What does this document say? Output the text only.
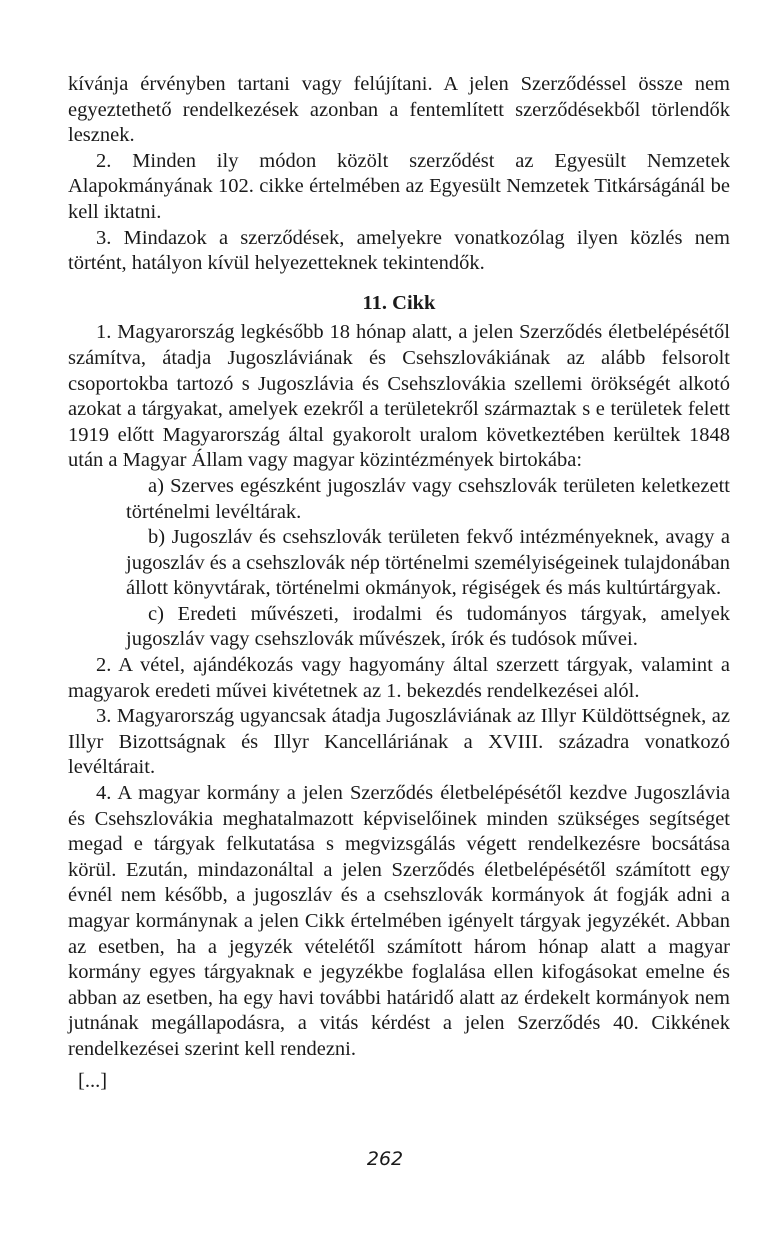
kívánja érvényben tartani vagy felújítani. A jelen Szerződéssel össze nem egyeztethető rendelkezések azonban a fentemlített szerződésekből törlendők lesznek.

2. Minden ily módon közölt szerződést az Egyesült Nemzetek Alapokmányának 102. cikke értelmében az Egyesült Nemzetek Titkárságánál be kell iktatni.

3. Mindazok a szerződések, amelyekre vonatkozólag ilyen közlés nem történt, hatályon kívül helyezetteknek tekintendők.

11. Cikk

1. Magyarország legkésőbb 18 hónap alatt, a jelen Szerződés életbelépésétől számítva, átadja Jugoszláviának és Csehszlovákiának az alább felsorolt csoportokba tartozó s Jugoszlávia és Csehszlovákia szellemi örökségét alkotó azokat a tárgyakat, amelyek ezekről a területekről származtak s e területek felett 1919 előtt Magyarország által gyakorolt uralom következtében kerültek 1848 után a Magyar Állam vagy magyar közintézmények birtokába:

a) Szerves egészként jugoszláv vagy csehszlovák területen keletkezett történelmi levéltárak.

b) Jugoszláv és csehszlovák területen fekvő intézményeknek, avagy a jugoszláv és a csehszlovák nép történelmi személyiségeinek tulajdonában állott könyvtárak, történelmi okmányok, régiségek és más kultúrtárgyak.

c) Eredeti művészeti, irodalmi és tudományos tárgyak, amelyek jugoszláv vagy csehszlovák művészek, írók és tudósok művei.

2. A vétel, ajándékozás vagy hagyomány által szerzett tárgyak, valamint a magyarok eredeti művei kivétetnek az 1. bekezdés rendelkezései alól.

3. Magyarország ugyancsak átadja Jugoszláviának az Illyr Küldöttségnek, az Illyr Bizottságnak és Illyr Kancelláriának a XVIII. századra vonatkozó levéltárait.

4. A magyar kormány a jelen Szerződés életbelépésétől kezdve Jugoszlávia és Csehszlovákia meghatalmazott képviselőinek minden szükséges segítséget megad e tárgyak felkutatása s megvizsgálás végett rendelkezésre bocsátása körül. Ezután, mindazonáltal a jelen Szerződés életbelépésétől számított egy évnél nem később, a jugoszláv és a csehszlovák kormányok át fogják adni a magyar kormánynak a jelen Cikk értelmében igényelt tárgyak jegyzékét. Abban az esetben, ha a jegyzék vételétől számított három hónap alatt a magyar kormány egyes tárgyaknak e jegyzékbe foglalása ellen kifogásokat emelne és abban az esetben, ha egy havi további határidő alatt az érdekelt kormányok nem jutnának megállapodásra, a vitás kérdést a jelen Szerződés 40. Cikkének rendelkezései szerint kell rendezni.

[...]

262
